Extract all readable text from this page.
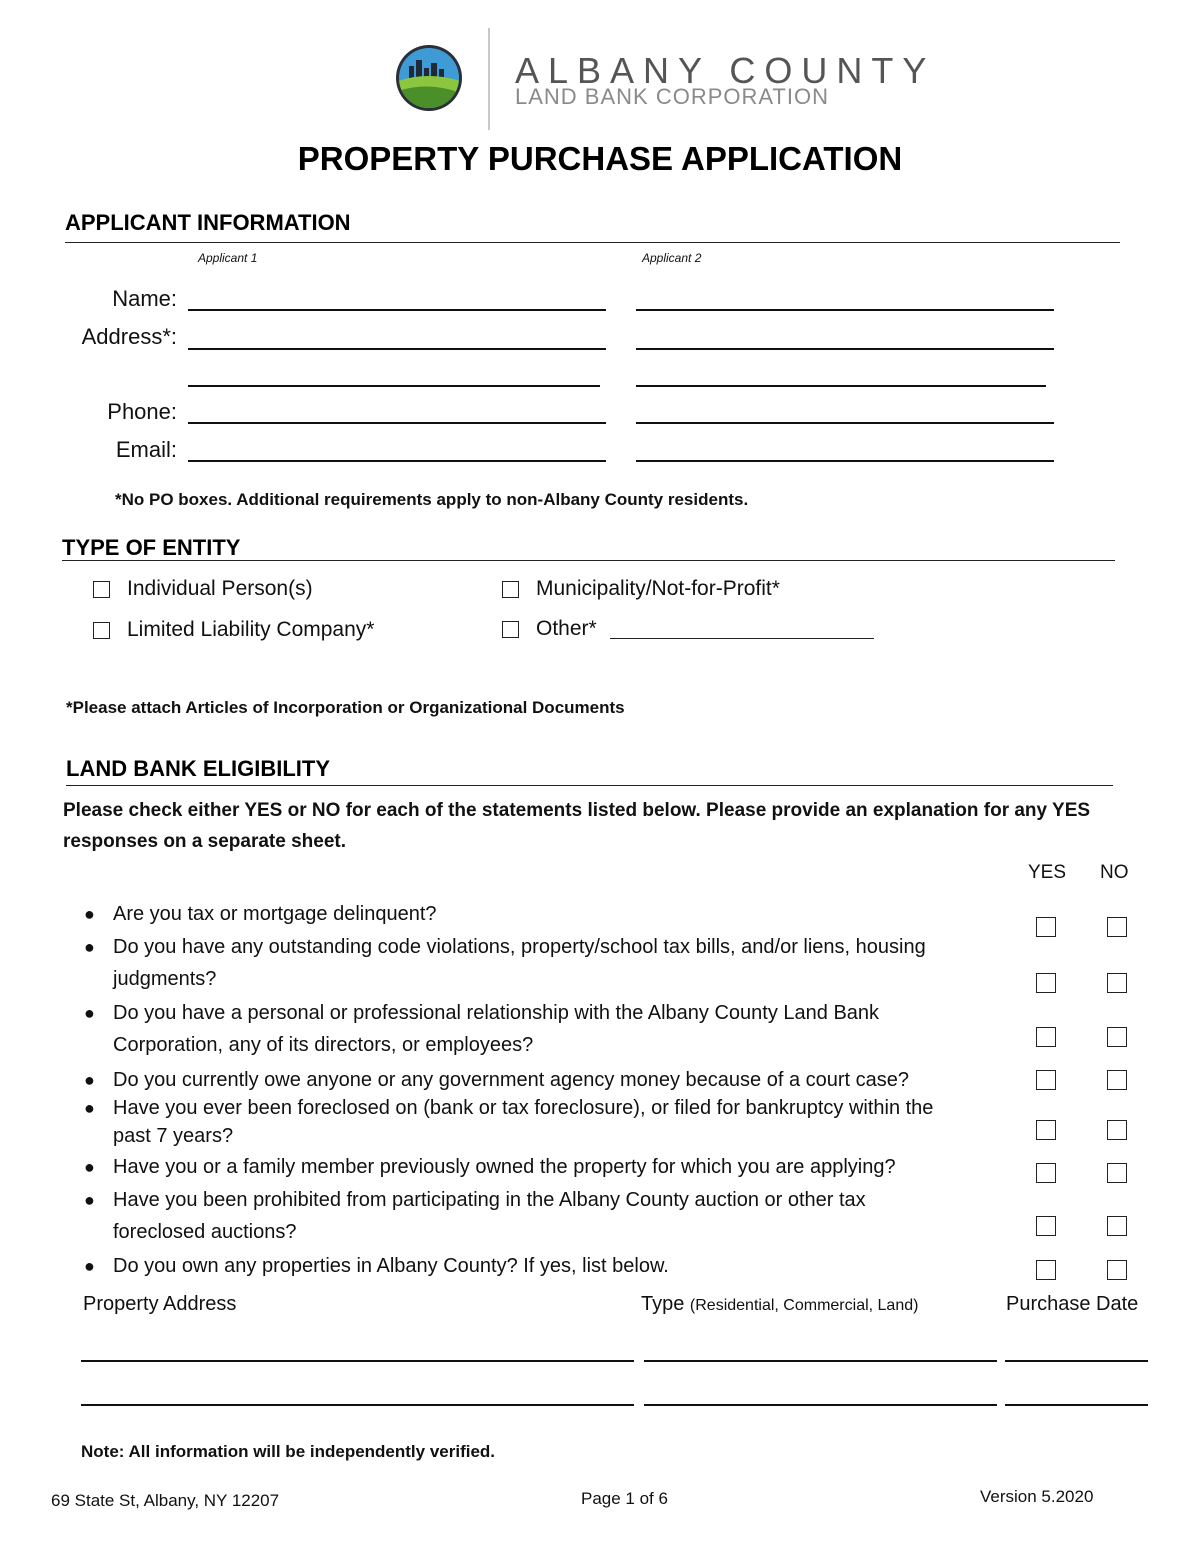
ALBANY COUNTY
LAND BANK CORPORATION
PROPERTY PURCHASE APPLICATION
APPLICANT INFORMATION
Applicant 1	Applicant 2
Name:
Address*:
Phone:
Email:
*No PO boxes. Additional requirements apply to non-Albany County residents.
TYPE OF ENTITY
Individual Person(s)
Limited Liability Company*
Municipality/Not-for-Profit*
Other*
*Please attach Articles of Incorporation or Organizational Documents
LAND BANK ELIGIBILITY
Please check either YES or NO for each of the statements listed below. Please provide an explanation for any YES responses on a separate sheet.
YES NO
● Are you tax or mortgage delinquent?
● Do you have any outstanding code violations, property/school tax bills, and/or liens, housing judgments?
● Do you have a personal or professional relationship with the Albany County Land Bank Corporation, any of its directors, or employees?
● Do you currently owe anyone or any government agency money because of a court case?
● Have you ever been foreclosed on (bank or tax foreclosure), or filed for bankruptcy within the past 7 years?
● Have you or a family member previously owned the property for which you are applying?
● Have you been prohibited from participating in the Albany County auction or other tax foreclosed auctions?
● Do you own any properties in Albany County? If yes, list below.
Property Address	Type (Residential, Commercial, Land)	Purchase Date
Note: All information will be independently verified.
69 State St, Albany, NY 12207	Page 1 of 6	Version 5.2020
